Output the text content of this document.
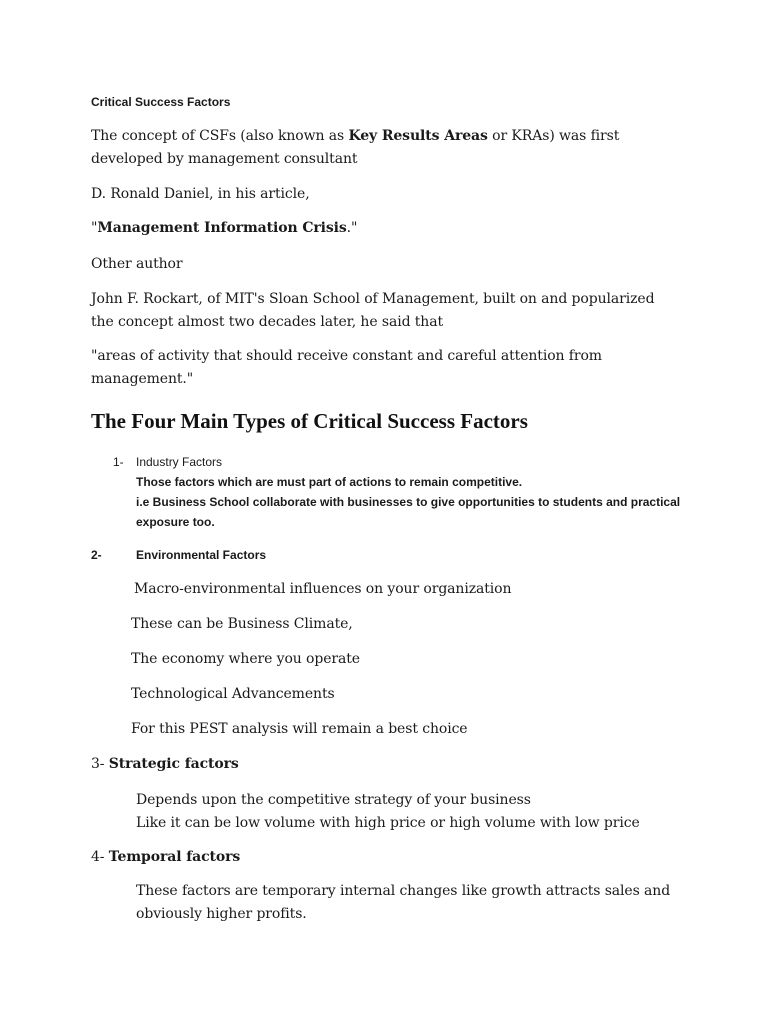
Critical Success Factors
The concept of CSFs (also known as Key Results Areas or KRAs) was first
developed by management consultant
D. Ronald Daniel, in his article,
"Management Information Crisis."
Other author
John F. Rockart, of MIT's Sloan School of Management, built on and popularized
the concept almost two decades later, he said that
"areas of activity that should receive constant and careful attention from
management."
The Four Main Types of Critical Success Factors
1- Industry Factors
Those factors which are must part of actions to remain competitive.
i.e Business School collaborate with businesses to give opportunities to students and practical
exposure too.
2-	Environmental Factors
Macro-environmental influences on your organization
These can be Business Climate,
The economy where you operate
Technological Advancements
For this PEST analysis will remain a best choice
3- Strategic factors
Depends upon the competitive strategy of your business
Like it can be low volume with high price or high volume with low price
4- Temporal factors
These factors are temporary internal changes like growth attracts sales and
obviously higher profits.
